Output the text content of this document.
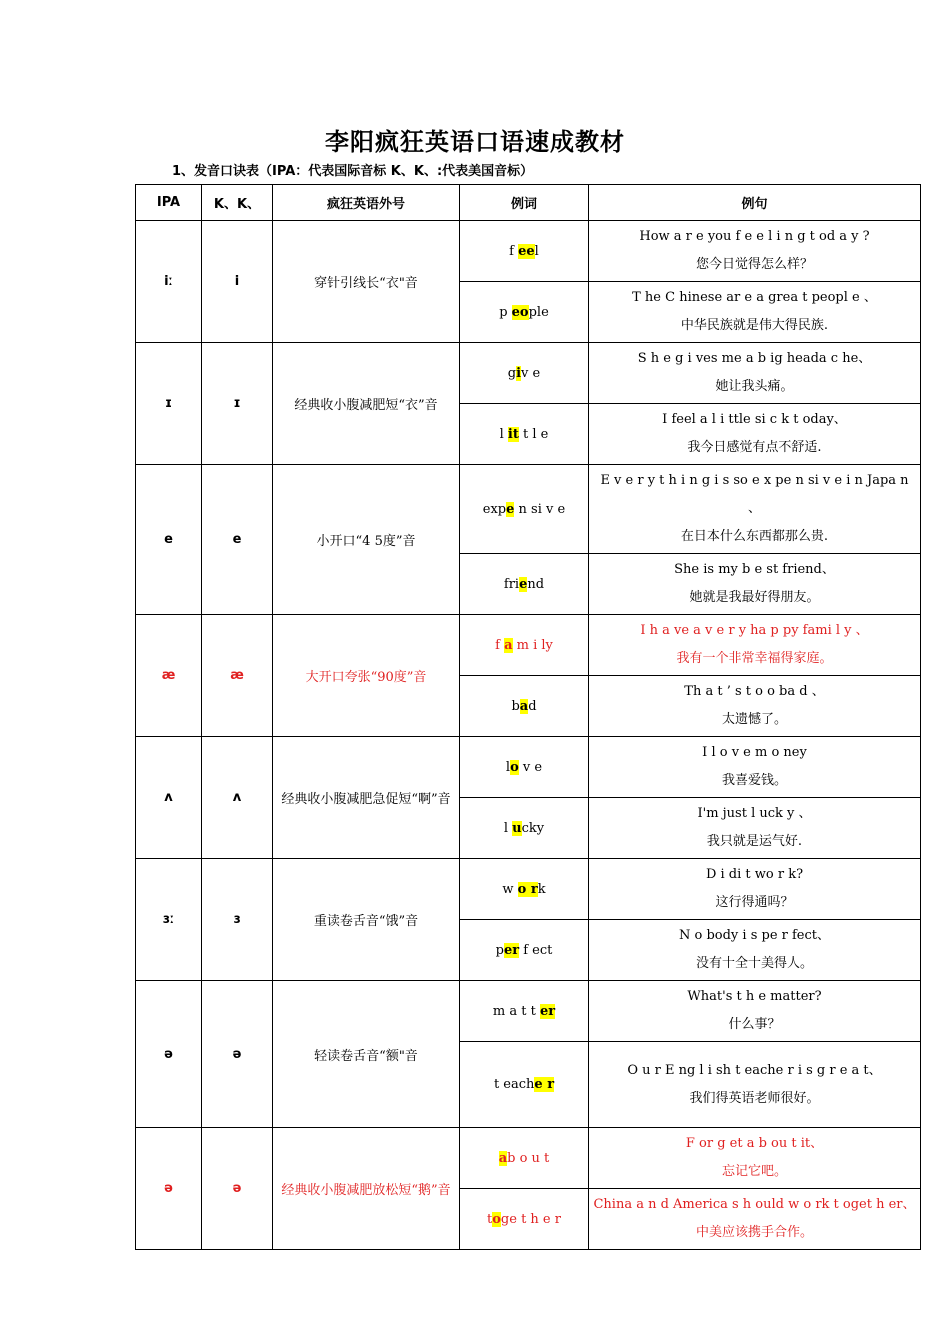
李阳疯狂英语口语速成教材
1、发音口诀表（IPA：代表国际音标 K、K、:代表美国音标）
IPA	K、K、	疯狂英语外号	例词	例句
iː	i	穿针引线长“衣"音	f eel	How a r e you f e e l i n g t od a y ?
您今日觉得怎么样？

			p eople	T he C hinese ar e a grea t peopl e 、
中华民族就是伟大得民族.

ɪ	ɪ	经典收小腹减肥短“衣”音	giv e	S h e g i ves me a b ig heada c he、
她让我头痛。

			l it t l e	I feel a l i ttle si c k t oday、
我今日感觉有点不舒适.

e	e	小开口“4 5度”音	expe n si v e	E v e r y t h i n g i s so e x pe n si v e i n Japa n 、
在日本什么东西都那么贵.

			friend	She is my b e st friend、
她就是我最好得朋友。

æ	æ	大开口夸张“90度”音	f a m i ly	I h a ve a v e r y ha p py fami l y 、
我有一个非常幸福得家庭。

			bad	Th a t ’ s t o o ba d 、
太遗憾了。

ʌ	ʌ	经典收小腹减肥急促短“啊”音	lo v e	I l o v e m o ney
我喜爱钱。

			l ucky	I'm just l uck y 、
我只就是运气好.

ɜː	ɜ	重读卷舌音“饿”音	w o rk	D i di t wo r k?
这行得通吗？

			per f ect	N o body i s pe r fect、
没有十全十美得人。

ə	ə	轻读卷舌音“额"音	m a t t er	What's t h e matter?
什么事？

			t eache r	O u r E ng l i sh t eache r i s g r e a t、
我们得英语老师很好。

ə	ə	经典收小腹减肥放松短“鹅”音	ab o u t	F or g et a b ou t it、
忘记它吧。

			toge t h e r	China a n d America s h ould w o rk t oget h er、 中美应该携手合作。
